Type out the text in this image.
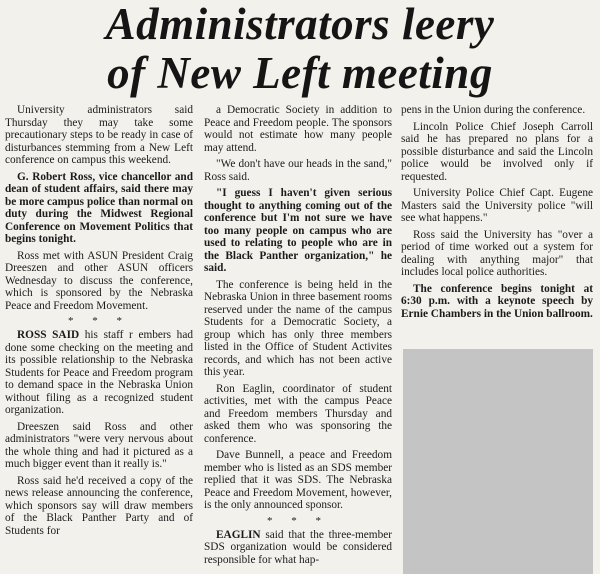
Administrators leery
of New Left meeting

University administrators said Thursday they may take some precautionary steps to be ready in case of disturbances stemming from a New Left conference on campus this weekend.

G. Robert Ross, vice chancellor and dean of student affairs, said there may be more campus police than normal on duty during the Midwest Regional Conference on Movement Politics that begins tonight.

Ross met with ASUN President Craig Dreeszen and other ASUN officers Wednesday to discuss the conference, which is sponsored by the Nebraska Peace and Freedom Movement.

* * *

ROSS SAID his staff r embers had done some checking on the meeting and its possible relationship to the Nebraska Students for Peace and Freedom program to demand space in the Nebraska Union without filing as a recognized student organization.

Dreeszen said Ross and other administrators "were very nervous about the whole thing and had it pictured as a much bigger event than it really is."

Ross said he'd received a copy of the news release announcing the conference, which sponsors say will draw members of the Black Panther Party and of Students for

a Democratic Society in addition to Peace and Freedom people. The sponsors would not estimate how many people may attend.

"We don't have our heads in the sand," Ross said.

"I guess I haven't given serious thought to anything coming out of the conference but I'm not sure we have too many people on campus who are used to relating to people who are in the Black Panther organization," he said.

The conference is being held in the Nebraska Union in three basement rooms reserved under the name of the campus Students for a Democratic Society, a group which has only three members listed in the Office of Student Activites records, and which has not been active this year.

Ron Eaglin, coordinator of student activities, met with the campus Peace and Freedom members Thursday and asked them who was sponsoring the conference.

Dave Bunnell, a peace and Freedom member who is listed as an SDS member replied that it was SDS. The Nebraska Peace and Freedom Movement, however, is the only announced sponsor.

* * *

EAGLIN said that the three-member SDS organization would be considered responsible for what hap-

pens in the Union during the conference.

Lincoln Police Chief Joseph Carroll said he has prepared no plans for a possible disturbance and said the Lincoln police would be involved only if requested.

University Police Chief Capt. Eugene Masters said the University police "will see what happens."

Ross said the University has "over a period of time worked out a system for dealing with anything major" that includes local police authorities.

The conference begins tonight at 6:30 p.m. with a keynote speech by Ernie Chambers in the Union ballroom.
